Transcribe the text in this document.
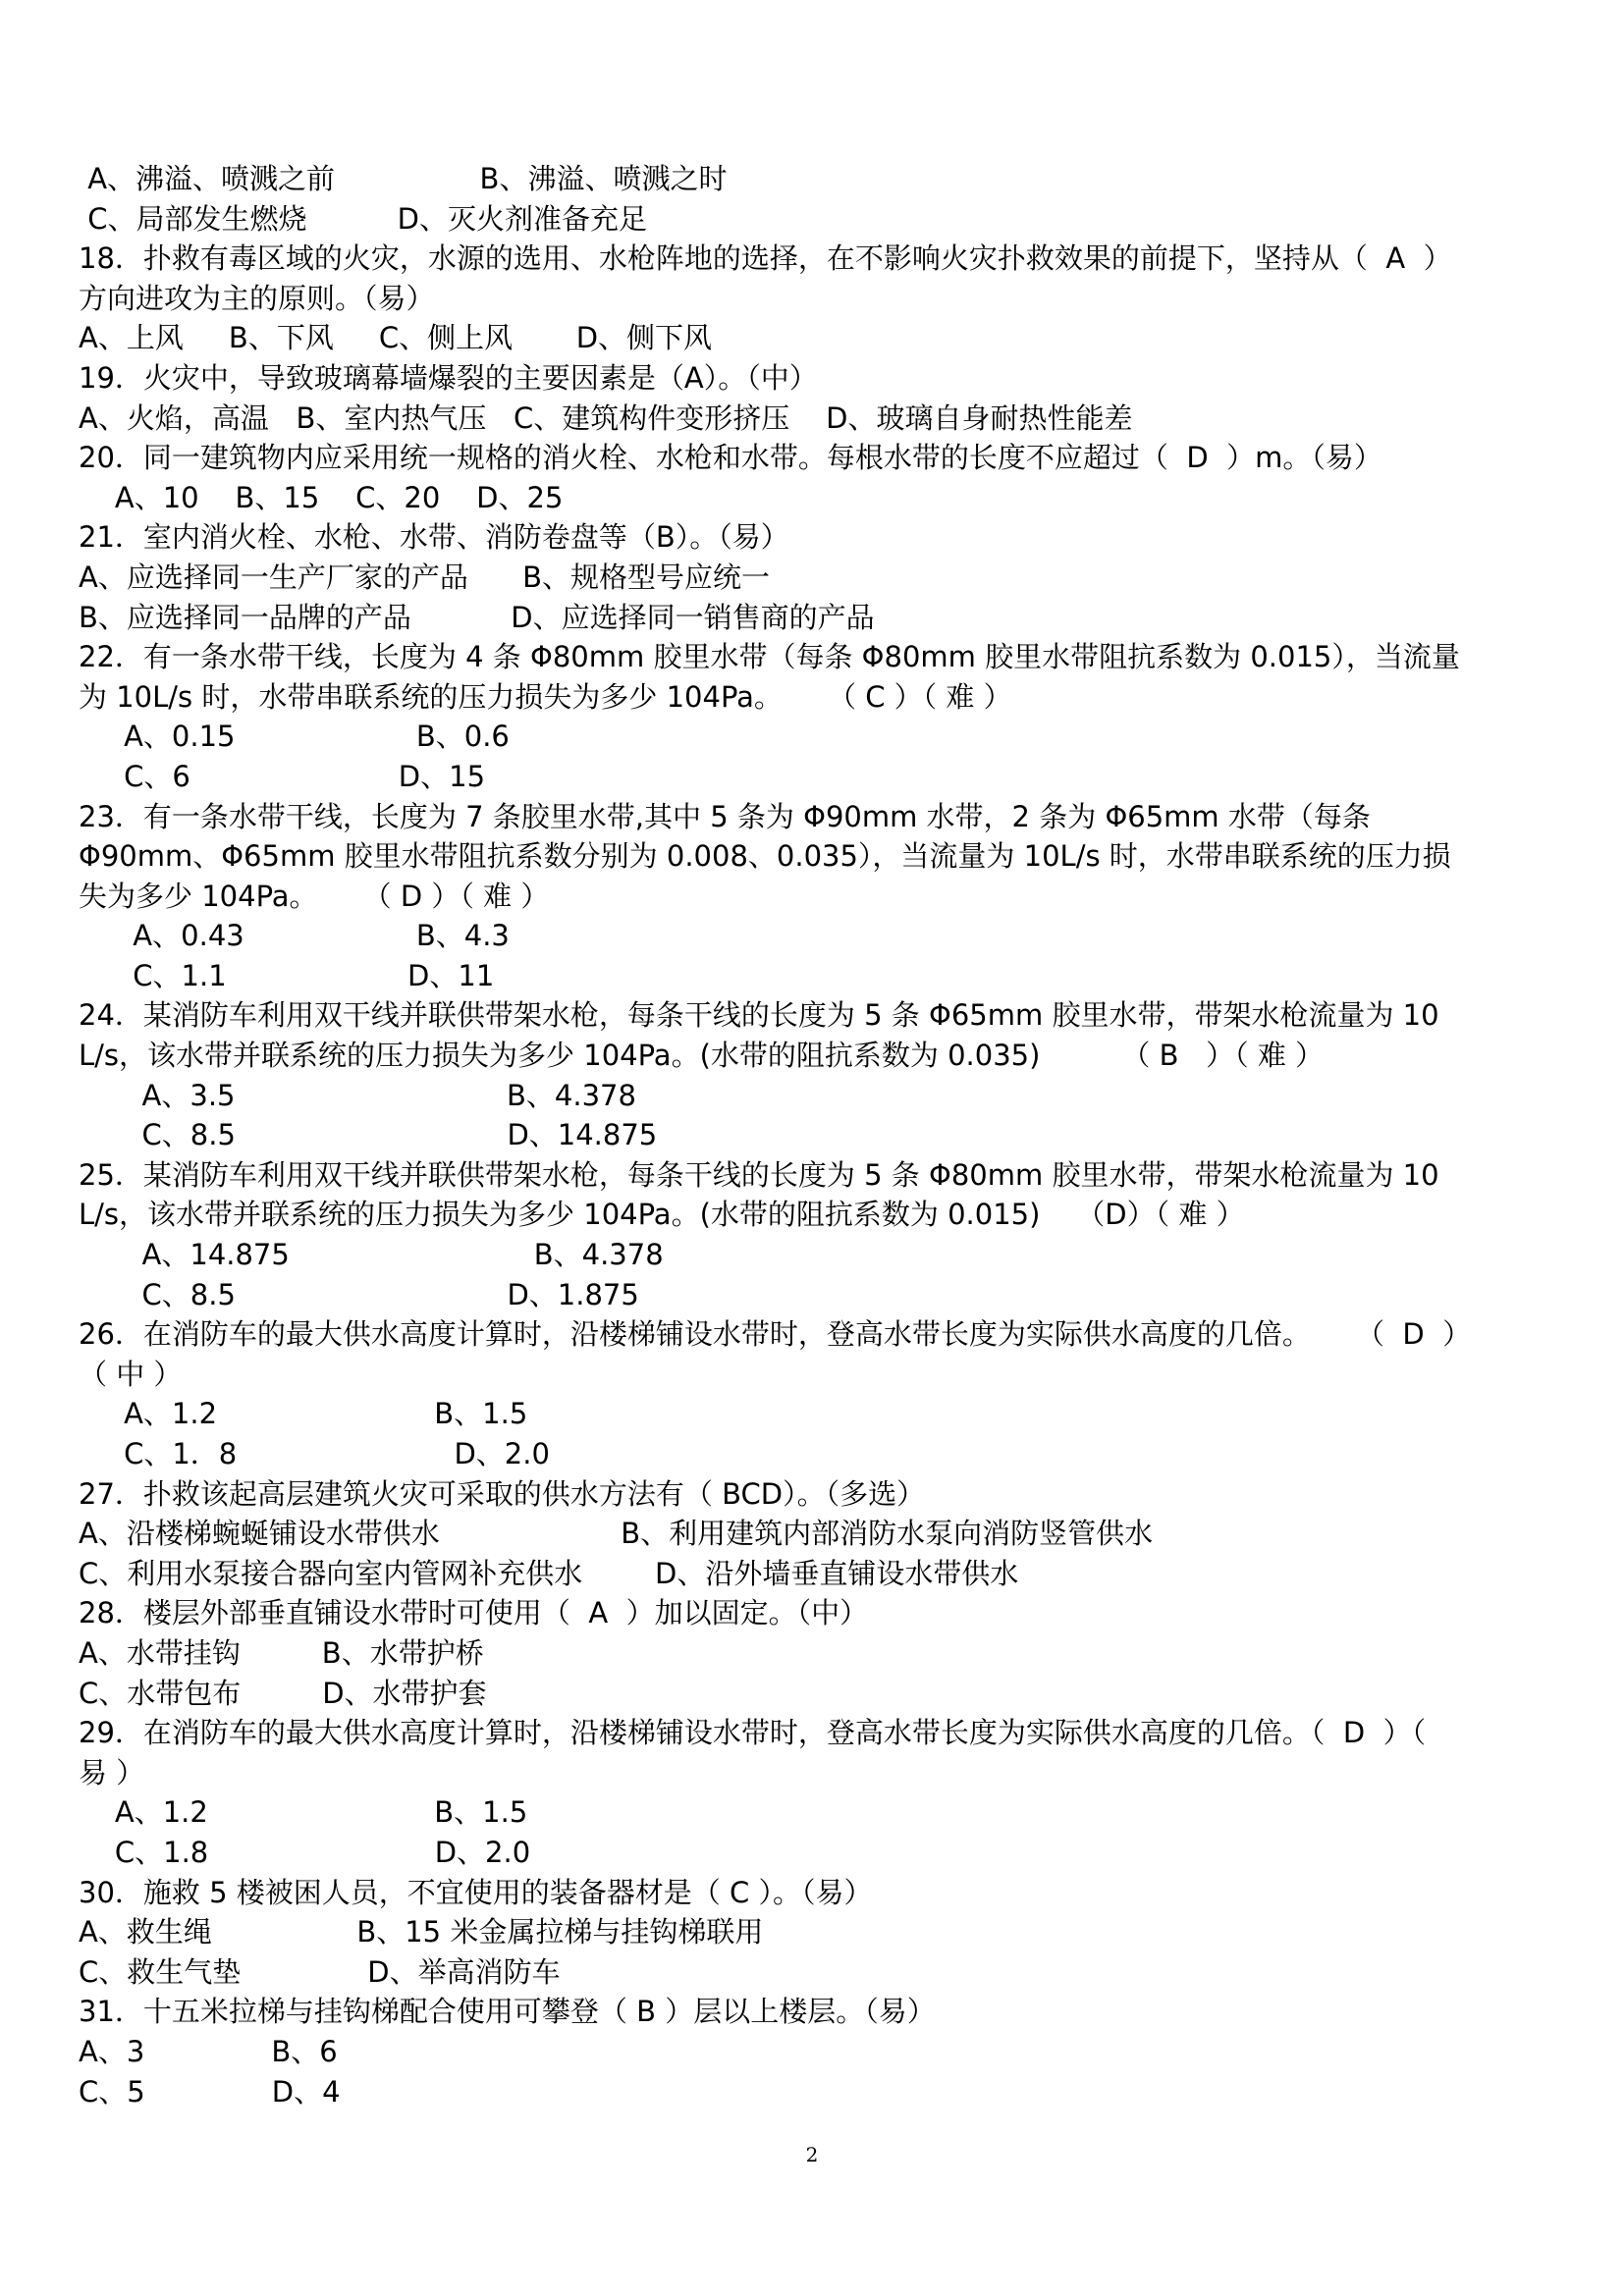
A、沸溢、喷溅之前                B、沸溢、喷溅之时
C、局部发生燃烧          D、灭火剂准备充足
18．扑救有毒区域的火灾，水源的选用、水枪阵地的选择，在不影响火灾扑救效果的前提下，坚持从（  A  ）
方向进攻为主的原则。（易）
A、上风     B、下风     C、侧上风       D、侧下风
19．火灾中，导致玻璃幕墙爆裂的主要因素是（A）。（中）
A、火焰，高温   B、室内热气压   C、建筑构件变形挤压    D、玻璃自身耐热性能差
20．同一建筑物内应采用统一规格的消火栓、水枪和水带。每根水带的长度不应超过（  D  ）m。（易）
A、10    B、15    C、20    D、25
21．室内消火栓、水枪、水带、消防卷盘等（B）。（易）
A、应选择同一生产厂家的产品      B、规格型号应统一
B、应选择同一品牌的产品           D、应选择同一销售商的产品
22．有一条水带干线，长度为 4 条 Φ80mm 胶里水带（每条 Φ80mm 胶里水带阻抗系数为 0.015），当流量
为 10L/s 时，水带串联系统的压力损失为多少 104Pa。     （ C ）（ 难 ）
A、0.15                    B、0.6
C、6                       D、15
23．有一条水带干线，长度为 7 条胶里水带,其中 5 条为 Φ90mm 水带，2 条为 Φ65mm 水带（每条
Φ90mm、Φ65mm 胶里水带阻抗系数分别为 0.008、0.035），当流量为 10L/s 时，水带串联系统的压力损
失为多少 104Pa。     （ D ）（ 难 ）
A、0.43                   B、4.3
C、1.1                    D、11
24．某消防车利用双干线并联供带架水枪，每条干线的长度为 5 条 Φ65mm 胶里水带，带架水枪流量为 10
L/s，该水带并联系统的压力损失为多少 104Pa。(水带的阻抗系数为 0.035)         （ B   ）（ 难 ）
A、3.5                              B、4.378
C、8.5                              D、14.875
25．某消防车利用双干线并联供带架水枪，每条干线的长度为 5 条 Φ80mm 胶里水带，带架水枪流量为 10
L/s，该水带并联系统的压力损失为多少 104Pa。(水带的阻抗系数为 0.015)    （D）（ 难 ）
A、14.875                           B、4.378
C、8.5                              D、1.875
26．在消防车的最大供水高度计算时，沿楼梯铺设水带时，登高水带长度为实际供水高度的几倍。     （  D  ）
（ 中 ）
A、1.2                        B、1.5
C、1．8                        D、2.0
27．扑救该起高层建筑火灾可采取的供水方法有（ BCD）。（多选）
A、沿楼梯蜿蜒铺设水带供水                    B、利用建筑内部消防水泵向消防竖管供水
C、利用水泵接合器向室内管网补充供水        D、沿外墙垂直铺设水带供水
28．楼层外部垂直铺设水带时可使用（  A  ）加以固定。（中）
A、水带挂钩         B、水带护桥
C、水带包布         D、水带护套
29．在消防车的最大供水高度计算时，沿楼梯铺设水带时，登高水带长度为实际供水高度的几倍。（  D  ）（
易 ）
A、1.2                         B、1.5
C、1.8                         D、2.0
30．施救 5 楼被困人员，不宜使用的装备器材是（ C ）。（易）
A、救生绳                B、15 米金属拉梯与挂钩梯联用
C、救生气垫              D、举高消防车
31．十五米拉梯与挂钩梯配合使用可攀登（ B ）层以上楼层。（易）
A、3              B、6
C、5              D、4
2
